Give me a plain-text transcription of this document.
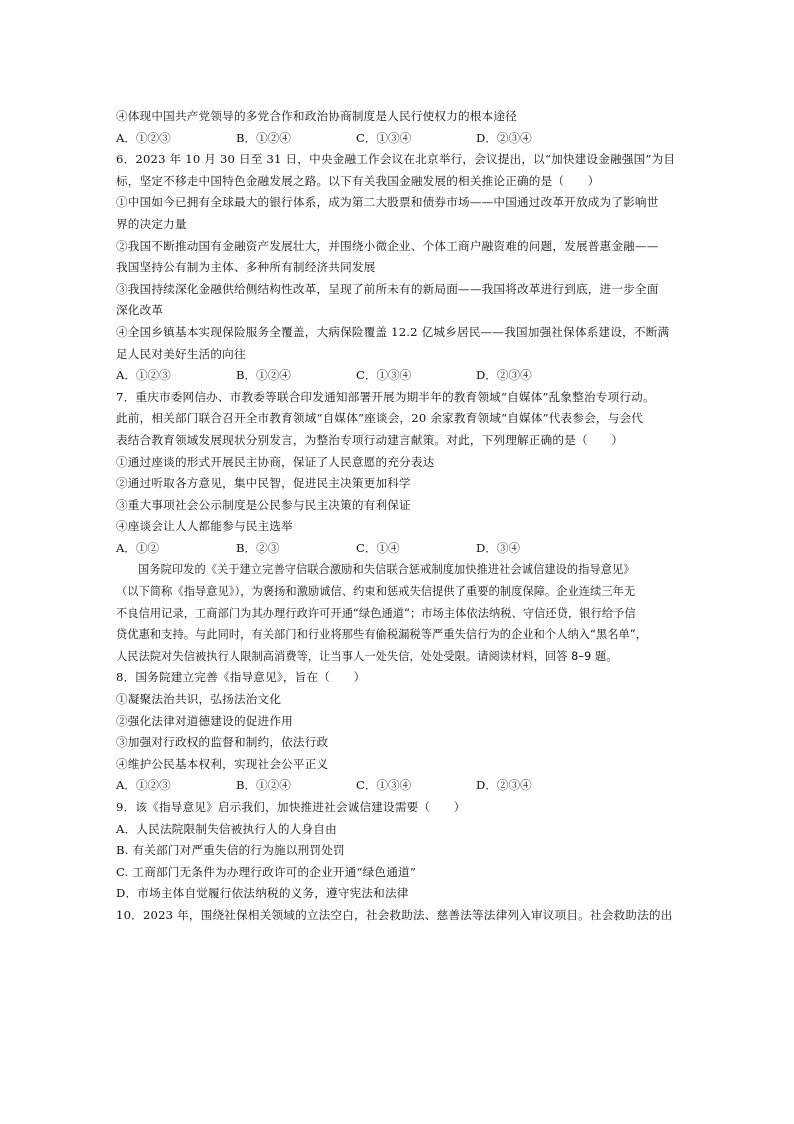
④体现中国共产党领导的多党合作和政治协商制度是人民行使权力的根本途径
A．①②③	B．①②④	C．①③④	D．②③④
6．2023 年 10 月 30 日至 31 日，中央金融工作会议在北京举行，会议提出，以“加快建设金融强国”为目
标，坚定不移走中国特色金融发展之路。以下有关我国金融发展的相关推论正确的是（　　）
①中国如今已拥有全球最大的银行体系，成为第二大股票和债券市场——中国通过改革开放成为了影响世
界的决定力量
②我国不断推动国有金融资产发展壮大，并围绕小微企业、个体工商户融资难的问题，发展普惠金融——
我国坚持公有制为主体、多种所有制经济共同发展
③我国持续深化金融供给侧结构性改革，呈现了前所未有的新局面——我国将改革进行到底，进一步全面
深化改革
④全国乡镇基本实现保险服务全覆盖，大病保险覆盖 12.2 亿城乡居民——我国加强社保体系建设，不断满
足人民对美好生活的向往
A．①②③	B．①②④	C．①③④	D．②③④
7．重庆市委网信办、市教委等联合印发通知部署开展为期半年的教育领域“自媒体”乱象整治专项行动。
此前，相关部门联合召开全市教育领域“自媒体”座谈会，20 余家教育领域“自媒体”代表参会，与会代
表结合教育领域发展现状分别发言，为整治专项行动建言献策。对此，下列理解正确的是（　　）
①通过座谈的形式开展民主协商，保证了人民意愿的充分表达
②通过听取各方意见，集中民智，促进民主决策更加科学
③重大事项社会公示制度是公民参与民主决策的有利保证
④座谈会让人人都能参与民主选举
A．①②	B．②③	C．①④	D．③④
国务院印发的《关于建立完善守信联合激励和失信联合惩戒制度加快推进社会诚信建设的指导意见》
（以下简称《指导意见》），为褒扬和激励诚信、约束和惩戒失信提供了重要的制度保障。企业连续三年无
不良信用记录，工商部门为其办理行政许可开通“绿色通道”；市场主体依法纳税、守信还贷，银行给予信
贷优惠和支持。与此同时，有关部门和行业将那些有偷税漏税等严重失信行为的企业和个人纳入“黑名单”，
人民法院对失信被执行人限制高消费等，让当事人一处失信，处处受限。请阅读材料，回答 8–9 题。
8．国务院建立完善《指导意见》，旨在（　　）
①凝聚法治共识，弘扬法治文化
②强化法律对道德建设的促进作用
③加强对行政权的监督和制约，依法行政
④维护公民基本权利，实现社会公平正义
A．①②③	B．①②④	C．①③④	D．②③④
9．该《指导意见》启示我们，加快推进社会诚信建设需要（　　）
A．人民法院限制失信被执行人的人身自由
B. 有关部门对严重失信的行为施以刑罚处罚
C. 工商部门无条件为办理行政许可的企业开通“绿色通道”
D．市场主体自觉履行依法纳税的义务，遵守宪法和法律
10．2023 年，围绕社保相关领域的立法空白，社会救助法、慈善法等法律列入审议项目。社会救助法的出
